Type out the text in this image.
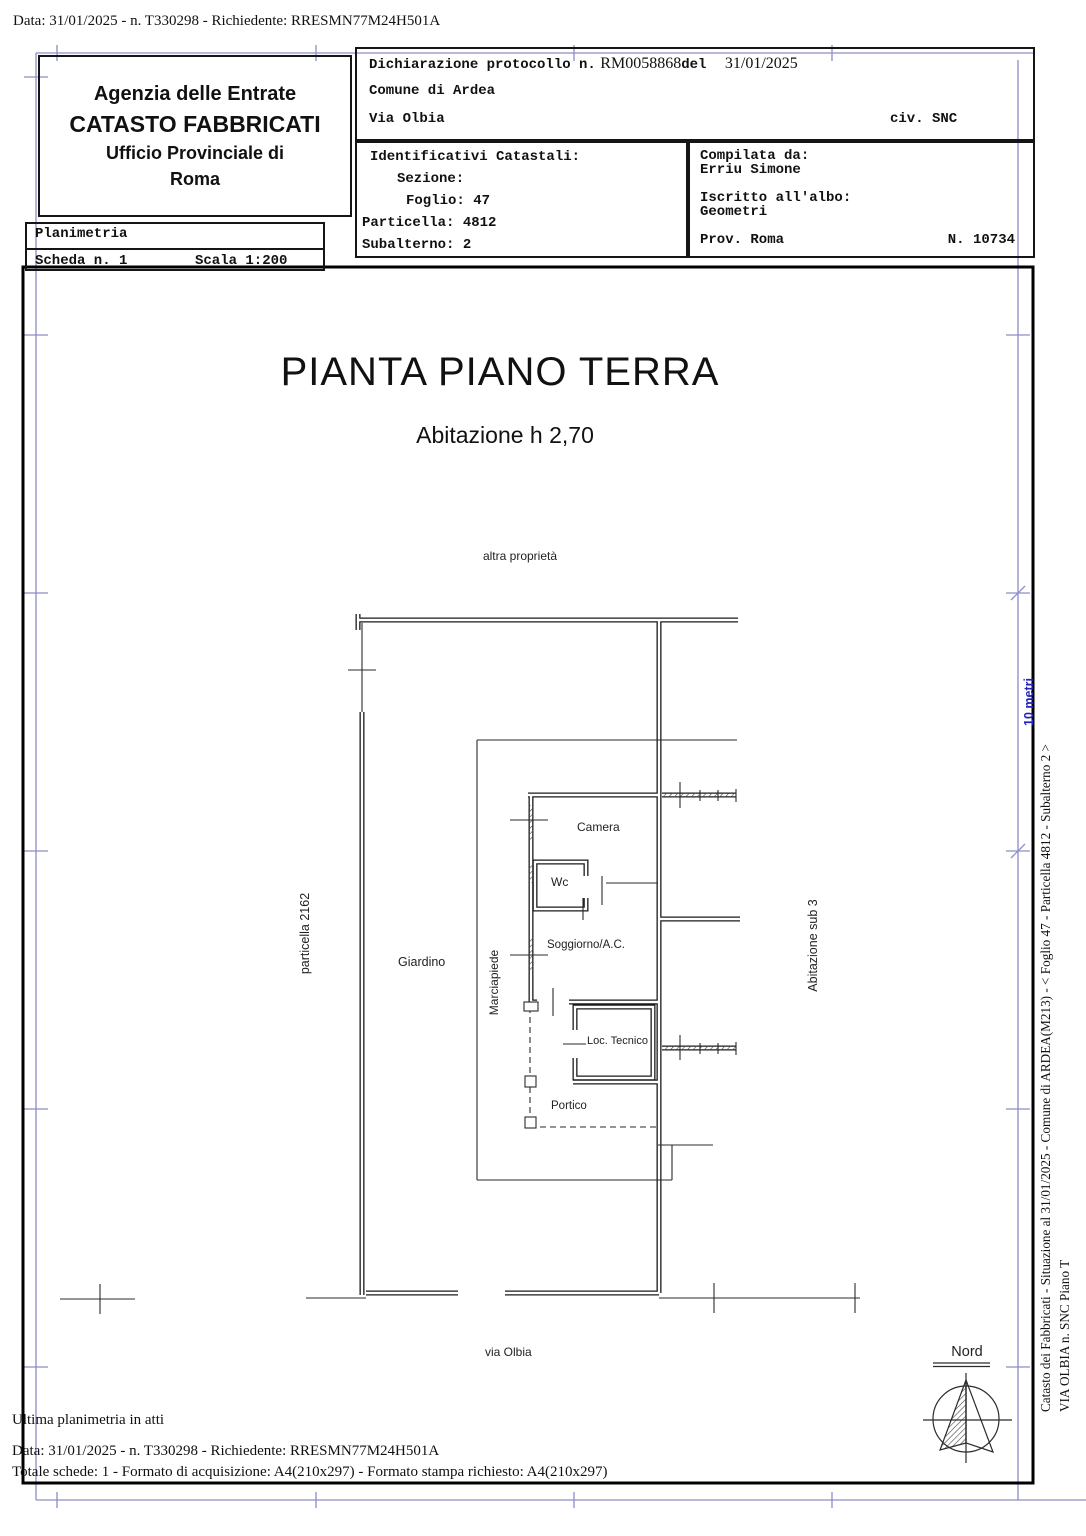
Data: 31/01/2025 - n. T330298 - Richiedente: RRESMN77M24H501A
Agenzia delle Entrate
CATASTO FABBRICATI
Ufficio Provinciale di
Roma
Dichiarazione protocollo n. RM0058868del 31/01/2025
Comune di Ardea
Via Olbia	civ. SNC
Identificativi Catastali:
Sezione:
Foglio: 47
Particella: 4812
Subalterno: 2
Compilata da:
Erriu Simone
Iscritto all'albo:
Geometri
Prov. Roma	N. 10734
Planimetria
Scheda n. 1	Scala 1:200
PIANTA PIANO TERRA
Abitazione h 2,70
altra proprietà
particella 2162	Giardino	Marciapiede
Camera
Wc
Soggiorno/A.C.
Loc. Tecnico
Portico
Abitazione sub 3
via Olbia	Nord
10 metri
Catasto dei Fabbricati - Situazione al 31/01/2025 - Comune di ARDEA(M213) - < Foglio 47 - Particella 4812 - Subalterno 2 > VIA OLBIA n. SNC Piano T
Ultima planimetria in atti
Data: 31/01/2025 - n. T330298 - Richiedente: RRESMN77M24H501A
Totale schede: 1 - Formato di acquisizione: A4(210x297) - Formato stampa richiesto: A4(210x297)
